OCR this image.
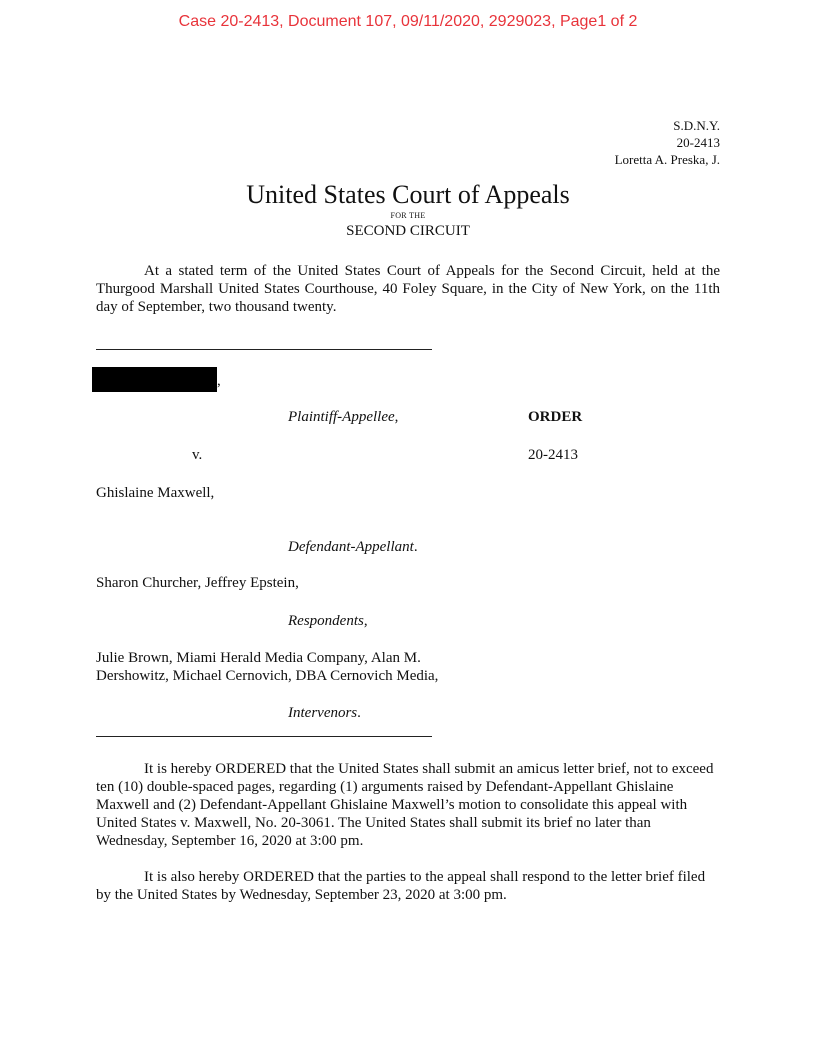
Case 20-2413, Document 107, 09/11/2020, 2929023, Page1 of 2
S.D.N.Y.
20-2413
Loretta A. Preska, J.
United States Court of Appeals
FOR THE
SECOND CIRCUIT
At a stated term of the United States Court of Appeals for the Second Circuit, held at the Thurgood Marshall United States Courthouse, 40 Foley Square, in the City of New York, on the 11th day of September, two thousand twenty.
,
Plaintiff-Appellee,	ORDER
v.	20-2413
Ghislaine Maxwell,
Defendant-Appellant.
Sharon Churcher, Jeffrey Epstein,
Respondents,
Julie Brown, Miami Herald Media Company, Alan M.
Dershowitz, Michael Cernovich, DBA Cernovich Media,
Intervenors.
It is hereby ORDERED that the United States shall submit an amicus letter brief, not to exceed ten (10) double-spaced pages, regarding (1) arguments raised by Defendant-Appellant Ghislaine Maxwell and (2) Defendant-Appellant Ghislaine Maxwell’s motion to consolidate this appeal with United States v. Maxwell, No. 20-3061. The United States shall submit its brief no later than Wednesday, September 16, 2020 at 3:00 pm.
It is also hereby ORDERED that the parties to the appeal shall respond to the letter brief filed by the United States by Wednesday, September 23, 2020 at 3:00 pm.
